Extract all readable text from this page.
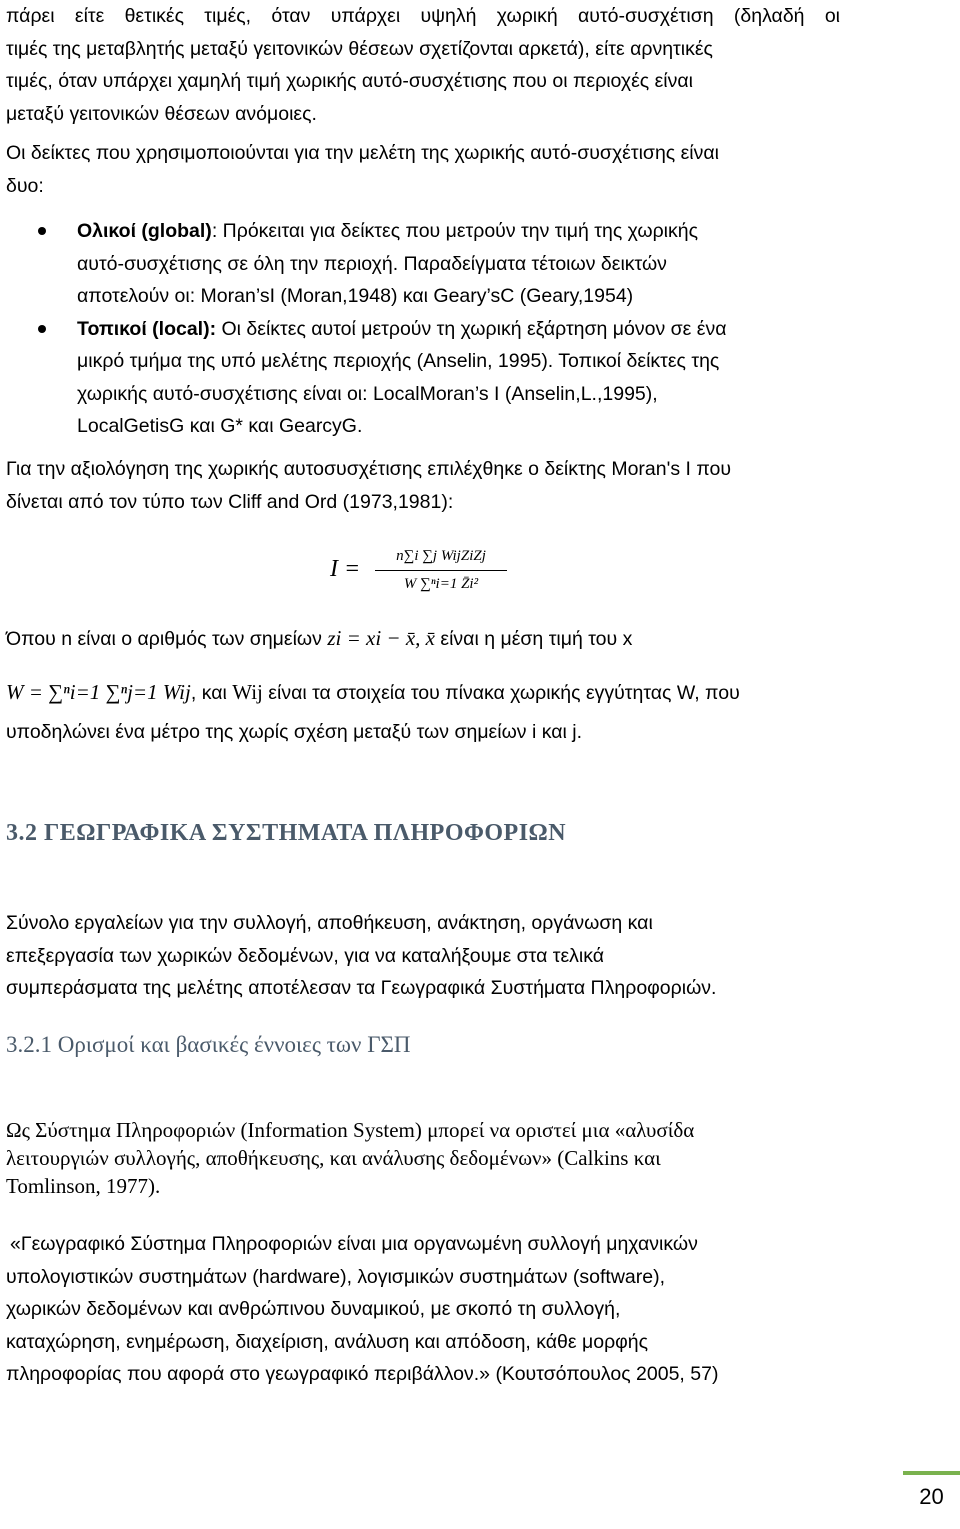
πάρει είτε θετικές τιμές, όταν υπάρχει υψηλή χωρική αυτό-συσχέτιση (δηλαδή οι
τιμές της μεταβλητής μεταξύ γειτονικών θέσεων σχετίζονται αρκετά), είτε αρνητικές
τιμές, όταν υπάρχει χαμηλή τιμή χωρικής αυτό-συσχέτισης που οι περιοχές είναι
μεταξύ γειτονικών θέσεων ανόμοιες.
Οι δείκτες που χρησιμοποιούνται για την μελέτη της χωρικής αυτό-συσχέτισης είναι
δυο:
Ολικοί (global): Πρόκειται για δείκτες που μετρούν την τιμή της χωρικής
αυτό-συσχέτισης σε όλη την περιοχή. Παραδείγματα τέτοιων δεικτών
αποτελούν οι: Moran’sI (Moran,1948) και Geary’sC (Geary,1954)
Τοπικοί (local): Οι δείκτες αυτοί μετρούν τη χωρική εξάρτηση μόνον σε ένα
μικρό τμήμα της υπό μελέτης περιοχής (Anselin, 1995). Τοπικοί δείκτες της
χωρικής αυτό-συσχέτισης είναι οι: LocalMoran’s I (Anselin,L.,1995),
LocalGetisG και G* και GearcyG.
Για την αξιολόγηση της χωρικής αυτοσυσχέτισης επιλέχθηκε ο δείκτης Moran's I που
δίνεται από τον τύπο των Cliff and Ord (1973,1981):
I =	n∑i ∑j WijZiZj
W ∑ⁿi=1 Z̄i²
Όπου n είναι ο αριθμός των σημείων zi = xi − x̄, x̄ είναι η μέση τιμή του x
W = ∑ⁿi=1 ∑ⁿj=1 Wij, και Wij είναι τα στοιχεία του πίνακα χωρικής εγγύτητας W, που
υποδηλώνει ένα μέτρο της χωρίς σχέση μεταξύ των σημείων i και j.
3.2 ΓΕΩΓΡΑΦΙΚΑ ΣΥΣΤΗΜΑΤΑ ΠΛΗΡΟΦΟΡΙΩΝ
Σύνολο εργαλείων για την συλλογή, αποθήκευση, ανάκτηση, οργάνωση και
επεξεργασία των χωρικών δεδομένων, για να καταλήξουμε στα τελικά
συμπεράσματα της μελέτης αποτέλεσαν τα Γεωγραφικά Συστήματα Πληροφοριών.
3.2.1 Ορισμοί και βασικές έννοιες των ΓΣΠ
Ως Σύστημα Πληροφοριών (Information System) μπορεί να οριστεί μια «αλυσίδα
λειτουργιών συλλογής, αποθήκευσης, και ανάλυσης δεδομένων» (Calkins και
Tomlinson, 1977).
«Γεωγραφικό Σύστημα Πληροφοριών είναι μια οργανωμένη συλλογή μηχανικών
υπολογιστικών συστημάτων (hardware), λογισμικών συστημάτων (software),
χωρικών δεδομένων και ανθρώπινου δυναμικού, με σκοπό τη συλλογή,
καταχώρηση, ενημέρωση, διαχείριση, ανάλυση και απόδοση, κάθε μορφής
πληροφορίας που αφορά στο γεωγραφικό περιβάλλον.» (Κουτσόπουλος 2005, 57)
20
